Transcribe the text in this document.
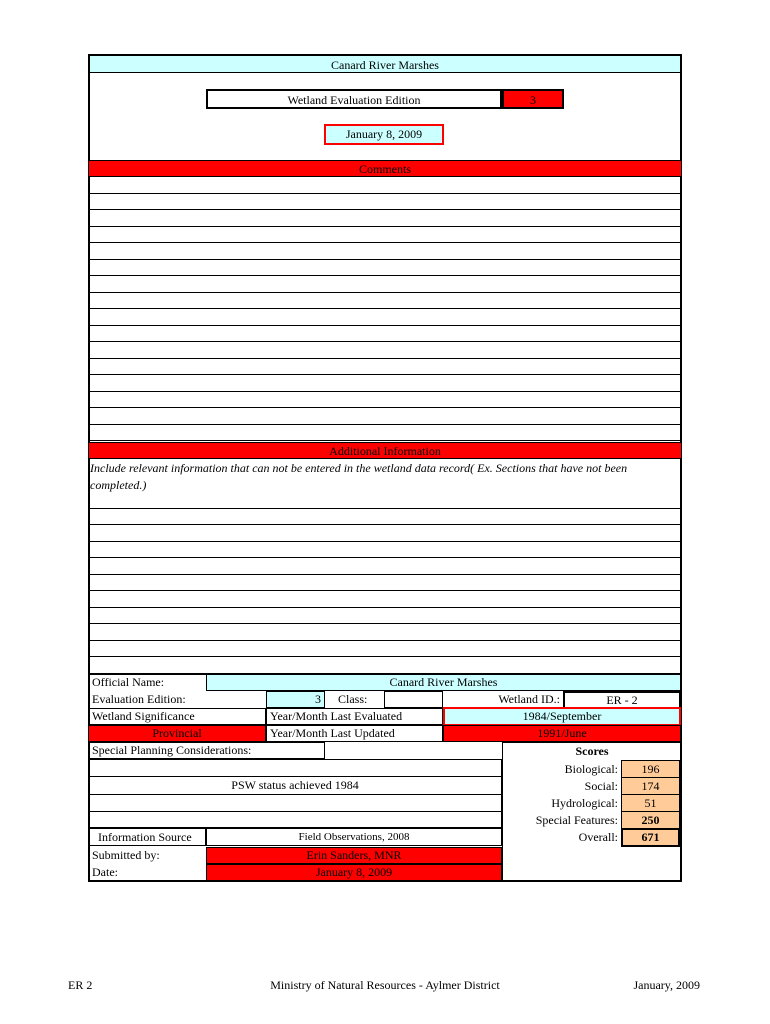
Canard River Marshes
Wetland Evaluation Edition	3
January 8, 2009
Comments
Additional Information
Include relevant information that can not be entered in the wetland data record( Ex. Sections that have not been completed.)
Official Name:	Canard River Marshes
Evaluation Edition:	3	Class:	Wetland ID.:	ER - 2
Wetland Significance	Year/Month Last Evaluated	1984/September
Provincial	Year/Month Last Updated	1991/June
Special Planning Considerations:
PSW status achieved 1984
Scores
Biological:	196
Social:	174
Hydrological:	51
Special Features:	250
Overall:	671
Information Source	Field Observations, 2008
Submitted by:	Erin Sanders, MNR
Date:	January 8, 2009
ER 2	Ministry of Natural Resources - Aylmer District	January, 2009
